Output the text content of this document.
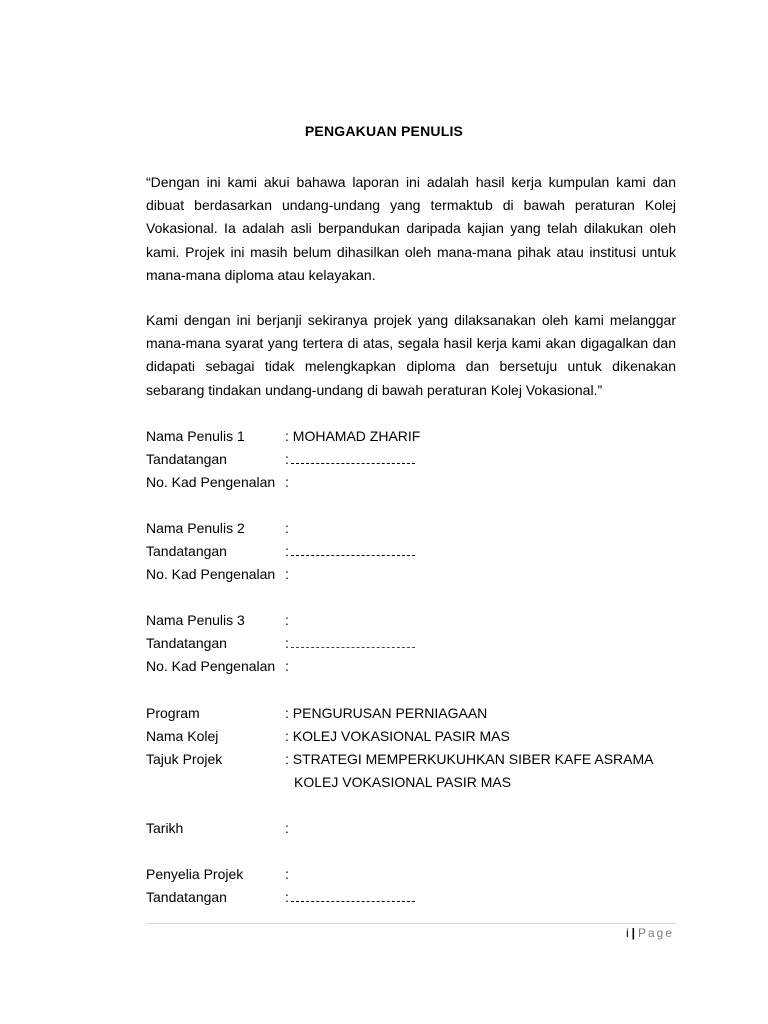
PENGAKUAN PENULIS
“Dengan ini kami akui bahawa laporan ini adalah hasil kerja kumpulan kami dan dibuat berdasarkan undang-undang yang termaktub di bawah peraturan Kolej Vokasional. Ia adalah asli berpandukan daripada kajian yang telah dilakukan oleh kami. Projek ini masih belum dihasilkan oleh mana-mana pihak atau institusi untuk mana-mana diploma atau kelayakan.
Kami dengan ini berjanji sekiranya projek yang dilaksanakan oleh kami melanggar mana-mana syarat yang tertera di atas, segala hasil kerja kami akan digagalkan dan didapati sebagai tidak melengkapkan diploma dan bersetuju untuk dikenakan sebarang tindakan undang-undang di bawah peraturan Kolej Vokasional.”
Nama Penulis 1	: MOHAMAD ZHARIF
Tandatangan	:
No. Kad Pengenalan :
Nama Penulis 2	:
Tandatangan	:
No. Kad Pengenalan :
Nama Penulis 3	:
Tandatangan	:
No. Kad Pengenalan :
Program	: PENGURUSAN PERNIAGAAN
Nama Kolej	: KOLEJ VOKASIONAL PASIR MAS
Tajuk Projek	: STRATEGI MEMPERKUKUHKAN SIBER KAFE ASRAMA
KOLEJ VOKASIONAL PASIR MAS
Tarikh	:
Penyelia Projek	:
Tandatangan	:
i | Page
